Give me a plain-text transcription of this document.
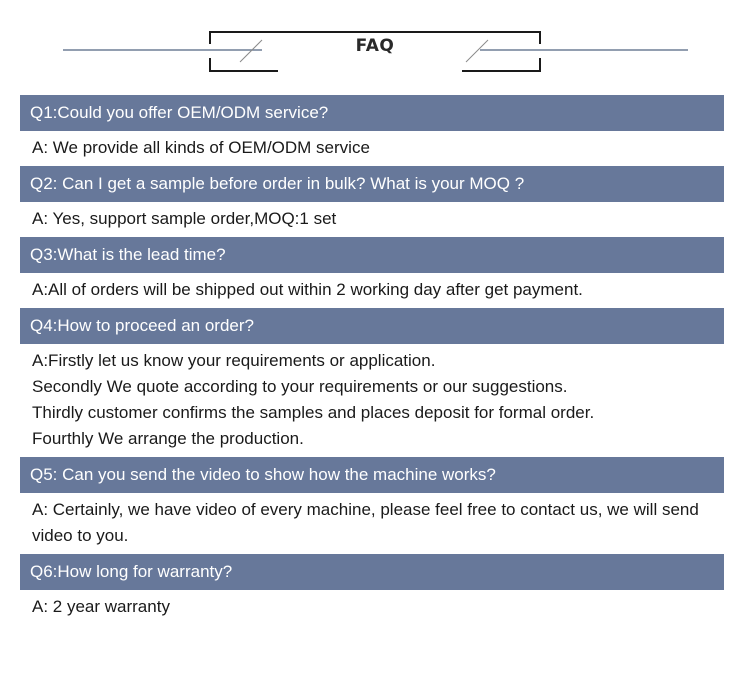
FAQ
Q1:Could you offer OEM/ODM service?
A: We provide all kinds of OEM/ODM service
Q2: Can I get a sample before order in bulk? What is your MOQ ?
A: Yes, support sample order,MOQ:1 set
Q3:What is the lead time?
A:All of orders will be shipped out within 2 working day after get payment.
Q4:How to proceed an order?
A:Firstly let us know your requirements or application.
Secondly We quote according to your requirements or our suggestions.
Thirdly customer confirms the samples and places deposit for formal order.
Fourthly We arrange the production.
Q5: Can you send the video to show how the machine works?
A: Certainly, we have video of every machine, please feel free to contact us, we will send video to you.
Q6:How long for warranty?
A: 2 year warranty
